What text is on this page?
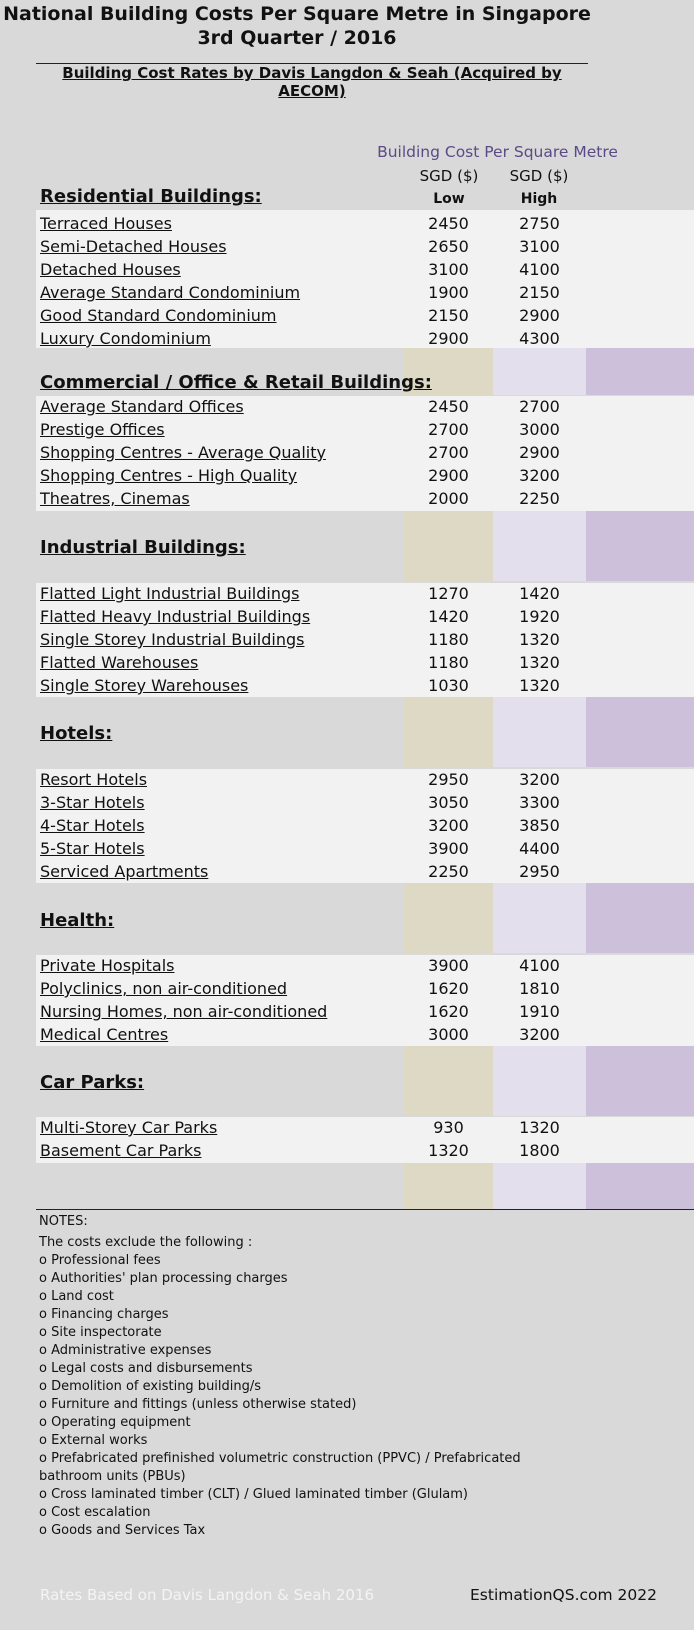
National Building Costs Per Square Metre in Singapore
3rd Quarter / 2016
Building Cost Rates by Davis Langdon & Seah (Acquired by AECOM)
Building Cost Per Square Metre
SGD ($)	SGD ($)
Low	High
Residential Buildings:
Terraced Houses	2450	2750
Semi-Detached Houses	2650	3100
Detached Houses	3100	4100
Average Standard Condominium	1900	2150
Good Standard Condominium	2150	2900
Luxury Condominium	2900	4300
Commercial / Office & Retail Buildings:
Average Standard Offices	2450	2700
Prestige Offices	2700	3000
Shopping Centres - Average Quality	2700	2900
Shopping Centres - High Quality	2900	3200
Theatres, Cinemas	2000	2250
Industrial Buildings:
Flatted Light Industrial Buildings	1270	1420
Flatted Heavy Industrial Buildings	1420	1920
Single Storey Industrial Buildings	1180	1320
Flatted Warehouses	1180	1320
Single Storey Warehouses	1030	1320
Hotels:
Resort Hotels	2950	3200
3-Star Hotels	3050	3300
4-Star Hotels	3200	3850
5-Star Hotels	3900	4400
Serviced Apartments	2250	2950
Health:
Private Hospitals	3900	4100
Polyclinics, non air-conditioned	1620	1810
Nursing Homes, non air-conditioned	1620	1910
Medical Centres	3000	3200
Car Parks:
Multi-Storey Car Parks	930	1320
Basement Car Parks	1320	1800
NOTES:
The costs exclude the following :
o Professional fees
o Authorities' plan processing charges
o Land cost
o Financing charges
o Site inspectorate
o Administrative expenses
o Legal costs and disbursements
o Demolition of existing building/s
o Furniture and fittings (unless otherwise stated)
o Operating equipment
o External works
o Prefabricated prefinished volumetric construction (PPVC) / Prefabricated bathroom units (PBUs)
o Cross laminated timber (CLT) / Glued laminated timber (Glulam)
o Cost escalation
o Goods and Services Tax
Rates Based on Davis Langdon & Seah 2016	EstimationQS.com 2022
